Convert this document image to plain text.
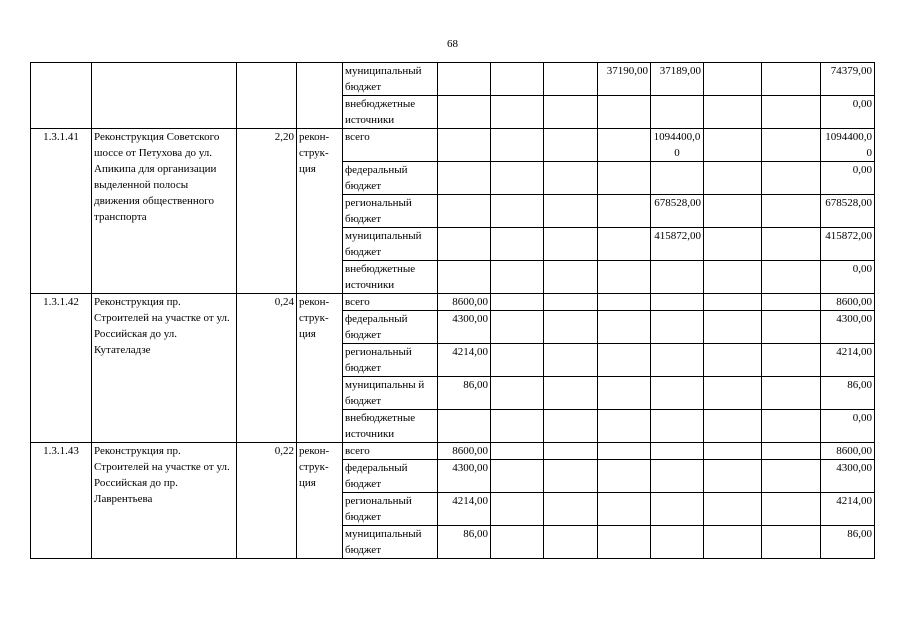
68
				муниципальный бюджет				37190,00	37189,00			74379,00
				внебюджетные источники								0,00
1.3.1.41	Реконструкция Советского шоссе от Петухова до ул. Апикипа для организации выделенной полосы движения общественного транспорта	2,20	рекон-струк-ция	всего					1094400,00			1094400,00
				федеральный бюджет								0,00
				региональный бюджет					678528,00			678528,00
				муниципальный бюджет					415872,00			415872,00
				внебюджетные источники								0,00
1.3.1.42	Реконструкция пр. Строителей на участке от ул. Российская до ул. Кутателадзе	0,24	рекон-струк-ция	всего	8600,00							8600,00
				федеральный бюджет	4300,00							4300,00
				региональный бюджет	4214,00							4214,00
				муниципальны й бюджет	86,00							86,00
				внебюджетные источники								0,00
1.3.1.43	Реконструкция пр. Строителей на участке от ул. Российская до пр. Лаврентьева	0,22	рекон-струк-ция	всего	8600,00							8600,00
				федеральный бюджет	4300,00							4300,00
				региональный бюджет	4214,00							4214,00
				муниципальный бюджет	86,00							86,00
